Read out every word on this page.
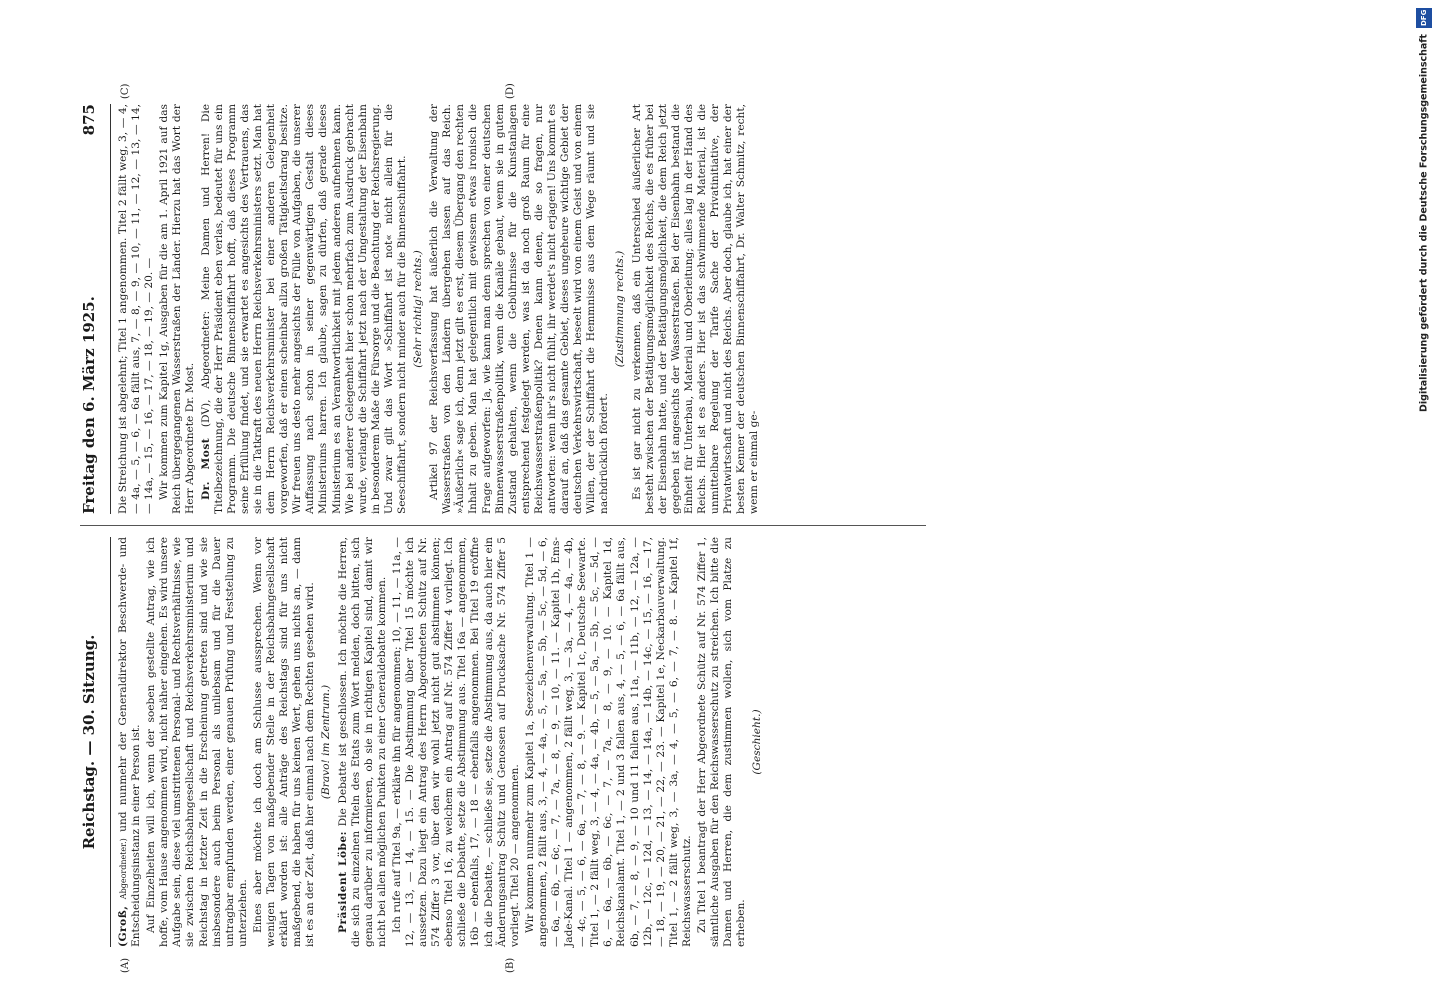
Reichstag. — 30. Sitzung.

(Groß, Abgeordneter.) und nunmehr der Generaldirektor Beschwerde- und Entscheidungsinstanz in einer Person ist. Auf Einzelheiten will ich, wenn der soeben gestellte Antrag, wie ich hoffe, vom Hause angenommen wird, nicht näher eingehen. Es wird unsere Aufgabe sein, diese viel umstrittenen Personal- und Rechtsverhältnisse, wie sie zwischen Reichsbahngesellschaft und Reichsverkehrsministerium und Reichstag in letzter Zeit in die Erscheinung getreten sind und wie sie insbesondere auch beim Personal als unliebsam und für die Dauer untragbar empfunden werden, einer genauen Prüfung und Feststellung zu unterziehen. Eines aber möchte ich doch am Schlusse aussprechen. Wenn vor wenigen Tagen von maßgebender Stelle in der Reichsbahngesellschaft erklärt worden ist: alle Anträge des Reichstags sind für uns nicht maßgebend, die haben für uns keinen Wert, gehen uns nichts an, — dann ist es an der Zeit, daß hier einmal nach dem Rechten gesehen wird. (Bravo! im Zentrum.)

Präsident Löbe: Die Debatte ist geschlossen. Ich möchte die Herren, die sich zu einzelnen Titeln des Etats zum Wort melden, doch bitten, sich genau darüber zu informieren, ob sie in richtigen Kapitel sind, damit wir nicht bei allen möglichen Punkten zu einer Generaldebatte kommen. Ich rufe auf Titel 9a, — erkläre ihn für angenommen; 10, — 11, — 11a, — 12, — 13, — 14, — 15. — Die Abstimmung über Titel 15 möchte ich aussetzen. Dazu liegt ein Antrag des Herrn Abgeordneten Schütz auf Nr. 574 Ziffer 3 vor, über den wir wohl jetzt nicht gut abstimmen können; ebenso Titel 16, zu welchem ein Antrag auf Nr. 574 Ziffer 4 vorliegt. Ich schließe die Debatte, setze die Abstimmung aus. Titel 16a — angenommen, 16b — ebenfalls, 17, — 18 — ebenfalls angenommen. Bei Titel 19 eröffne ich die Debatte, — schließe sie, setze die Abstimmung aus, da auch hier ein Änderungsantrag Schütz und Genossen auf Drucksache Nr. 574 Ziffer 5 vorliegt. Titel 20 — angenommen. Wir kommen nunmehr zum Kapitel 1a, Seezeichenverwaltung. Titel 1 — angenommen, 2 fällt aus, 3, — 4, — 4a, — 5, — 5a, — 5b, — 5c, — 5d, — 6, — 6a, — 6b, — 6c, — 7, — 7a, — 8, — 9, — 10, — 11. — Kapitel 1b, Ems-Jade-Kanal. Titel 1 — angenommen, 2 fällt weg, 3, — 3a, — 4, — 4a, — 4b, — 4c, — 5, — 6, — 6a, — 7, — 8, — 9. — Kapitel 1c, Deutsche Seewarte. Titel 1, — 2 fällt weg, 3, — 4, — 4a, — 4b, — 5, — 5a, — 5b, — 5c, — 5d, — 6, — 6a, — 6b, — 6c, — 7, — 7a, — 8, — 9, — 10. — Kapitel 1d, Reichskanalamt. Titel 1, — 2 und 3 fallen aus, 4, — 5, — 6, — 6a fällt aus, 6b, — 7, — 8, — 9, — 10 und 11 fallen aus, 11a, — 11b, — 12, — 12a, — 12b, — 12c, — 12d, — 13, — 14, — 14a, — 14b, — 14c, — 15, — 16, — 17, — 18, — 19, — 20, — 21, — 22, — 23. — Kapitel 1e, Neckarbauverwaltung. Titel 1, — 2 fällt weg, 3, — 3a, — 4, — 5, — 6, — 7, — 8. — Kapitel 1f, Reichswasserschutz. Zu Titel 1 beantragt der Herr Abgeordnete Schütz auf Nr. 574 Ziffer 1, sämtliche Ausgaben für den Reichswasserschutz zu streichen. Ich bitte die Damen und Herren, die dem zustimmen wollen, sich vom Platze zu erheben.

(Geschieht.)

Freitag den 6. März 1925.
875 Die Streichung ist abgelehnt; Titel 1 angenommen. Titel 2 fällt weg, 3, — 4, — 4a, — 5, — 6, — 6a fällt aus, 7, — 8, — 9, — 10, — 11, — 12, — 13, — 14, — 14a, — 15, — 16, — 17, — 18, — 19, — 20. — Wir kommen zum Kapitel 1g, Ausgaben für die am 1. April 1921 auf das Reich übergegangenen Wasserstraßen der Länder. Hierzu hat das Wort der Herr Abgeordnete Dr. Most. Dr. Most (DV), Abgeordneter: Meine Damen und Herren! Die Titelbezeichnung, die der Herr Präsident eben verlas, bedeutet für uns ein Programm. Die deutsche Binnenschiffahrt hofft, daß dieses Programm seine Erfüllung findet, und sie erwartet es angesichts des Vertrauens, das sie in die Tatkraft des neuen Herrn Reichsverkehrsministers setzt. Man hat dem Herrn Reichsverkehrsminister bei einer anderen Gelegenheit vorgeworfen, daß er einen scheinbar allzu großen Tätigkeitsdrang besitze. Wir freuen uns desto mehr angesichts der Fülle von Aufgaben, die unserer Auffassung nach schon in seiner gegenwärtigen Gestalt dieses Ministeriums harren. Ich glaube, sagen zu dürfen, daß gerade dieses Ministerium es an Verantwortlichkeit mit jedem anderen aufnehmen kann. Wie bei anderer Gelegenheit hier schon mehrfach zum Ausdruck gebracht wurde, verlangt die Schiffahrt jetzt nach der Umgestaltung der Eisenbahn in besonderem Maße die Fürsorge und die Beachtung der Reichsregierung. Und zwar gilt das Wort »Schiffahrt ist not« nicht allein für die Seeschiffahrt, sondern nicht minder auch für die Binnenschiffahrt. (Sehr richtig! rechts.) Artikel 97 der Reichsverfassung hat äußerlich die Verwaltung der Wasserstraßen von den Ländern übergehen lassen auf das Reich. »Äußerlich« sage ich, denn jetzt gilt es erst, diesem Übergang den rechten Inhalt zu geben. Man hat gelegentlich mit gewissem etwas ironisch die Frage aufgeworfen: Ja, wie kann man denn sprechen von einer deutschen Binnenwasserstraßenpolitik, wenn die Kanäle gebaut, wenn sie in gutem Zustand gehalten, wenn die Gebührnisse für die Kunstanlagen entsprechend festgelegt werden, was ist da noch groß Raum für eine Reichswasserstraßenpolitik? Denen kann denen, die so fragen, nur antworten: wenn ihr's nicht fühlt, ihr werdet's nicht erjagen! Uns kommt es darauf an, daß das gesamte Gebiet, dieses ungeheure wichtige Gebiet der deutschen Verkehrswirtschaft, beseelt wird von einem Geist und von einem Willen, der der Schiffahrt die Hemmnisse aus dem Wege räumt und sie nachdrücklich fördert.

(Zustimmung rechts.) Es ist gar nicht zu verkennen, daß ein Unterschied äußerlicher Art besteht zwischen der Betätigungsmöglichkeit des Reichs, die es früher bei der Eisenbahn hatte, und der Betätigungsmöglichkeit, die dem Reich jetzt gegeben ist angesichts der Wasserstraßen. Bei der Eisenbahn bestand die Einheit für Unterbau, Material und Oberleitung; alles lag in der Hand des Reichs. Hier ist es anders. Hier ist das schwimmende Material, ist die unmittelbare Regelung der Tarife Sache der Privatinitiative, der Privatwirtschaft und nicht des Reichs. Aber doch, glaube ich, hat einer der besten Kenner der deutschen Binnenschiffahrt, Dr. Walter Schmitz, recht, wenn er einmal ge-

(A)	(B)
(C)	(D)
DFG
Digitalisierung gefördert durch die Deutsche Forschungsgemeinschaft
